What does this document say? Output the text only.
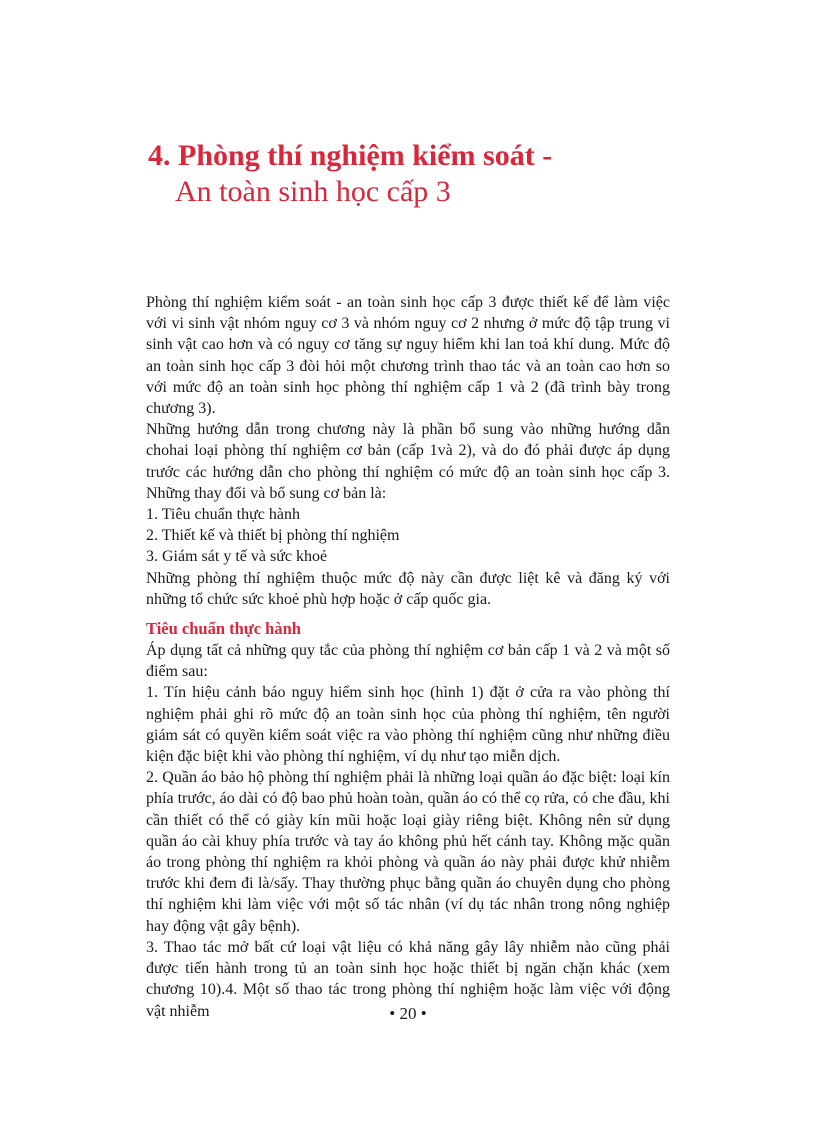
4. Phòng thí nghiệm kiểm soát -
An toàn sinh học cấp 3

Phòng thí nghiệm kiểm soát - an toàn sinh học cấp 3 được thiết kế để làm việc với vi sinh vật nhóm nguy cơ 3 và nhóm nguy cơ 2 nhưng ở mức độ tập trung vi sinh vật cao hơn và có nguy cơ tăng sự nguy hiểm khi lan toả khí dung. Mức độ an toàn sinh học cấp 3 đòi hỏi một chương trình thao tác và an toàn cao hơn so với mức độ an toàn sinh học phòng thí nghiệm cấp 1 và 2 (đã trình bày trong chương 3).

Những hướng dẫn trong chương này là phần bổ sung vào những hướng dẫn chohai loại phòng thí nghiệm cơ bản (cấp 1và 2), và do đó phải được áp dụng trước các hướng dẫn cho phòng thí nghiệm có mức độ an toàn sinh học cấp 3. Những thay đổi và bổ sung cơ bản là:

1. Tiêu chuẩn thực hành

2. Thiết kế và thiết bị phòng thí nghiệm

3. Giám sát y tế và sức khoẻ

Những phòng thí nghiệm thuộc mức độ này cần được liệt kê và đăng ký với những tổ chức sức khoẻ phù hợp hoặc ở cấp quốc gia.

Tiêu chuẩn thực hành

Áp dụng tất cả những quy tắc của phòng thí nghiệm cơ bản cấp 1 và 2 và một số điểm sau:

1. Tín hiệu cảnh báo nguy hiểm sinh học (hình 1) đặt ở cửa ra vào phòng thí nghiệm phải ghi rõ mức độ an toàn sinh học của phòng thí nghiệm, tên người giám sát có quyền kiểm soát việc ra vào phòng thí nghiệm cũng như những điều kiện đặc biệt khi vào phòng thí nghiệm, ví dụ như tạo miễn dịch.

2. Quần áo bảo hộ phòng thí nghiệm phải là những loại quần áo đặc biệt: loại kín phía trước, áo dài có độ bao phủ hoàn toàn, quần áo có thể cọ rửa, có che đầu, khi cần thiết có thể có giày kín mũi hoặc loại giày riêng biệt. Không nên sử dụng quần áo cài khuy phía trước và tay áo không phủ hết cánh tay. Không mặc quần áo trong phòng thí nghiệm ra khỏi phòng và quần áo này phải được khử nhiễm trước khi đem đi là/sấy. Thay thường phục bằng quần áo chuyên dụng cho phòng thí nghiệm khi làm việc với một số tác nhân (ví dụ tác nhân trong nông nghiệp hay động vật gây bệnh).

3. Thao tác mở bất cứ loại vật liệu có khả năng gây lây nhiễm nào cũng phải được tiến hành trong tủ an toàn sinh học hoặc thiết bị ngăn chặn khác (xem chương 10).4. Một số thao tác trong phòng thí nghiệm hoặc làm việc với động vật nhiễm	• 20 •
